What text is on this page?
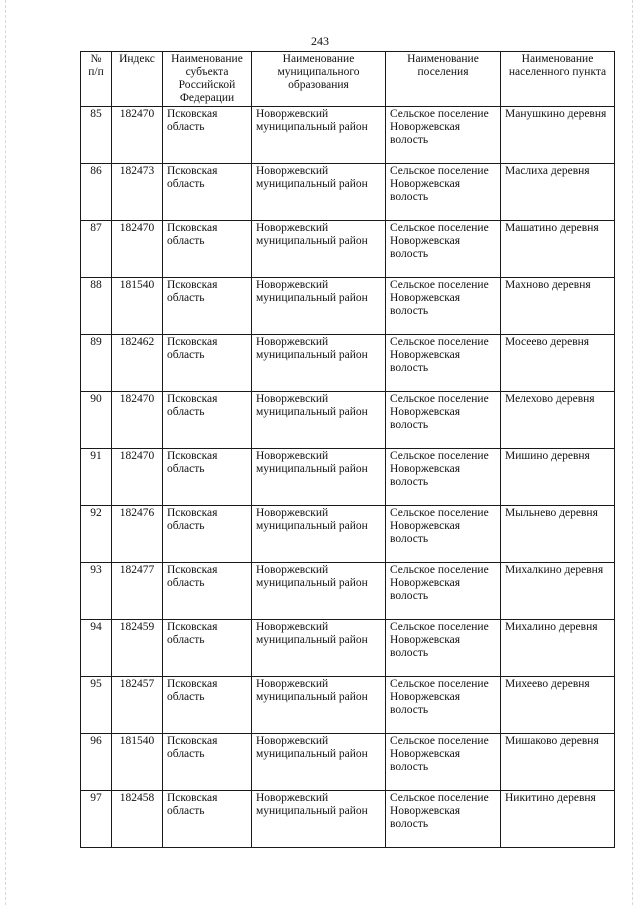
243
№ п/п	Индекс	Наименование субъекта Российской Федерации	Наименование муниципального образования	Наименование поселения	Наименование населенного пункта
85	182470	Псковская область	Новоржевский муниципальный район	Сельское поселение Новоржевская волость	Манушкино деревня
86	182473	Псковская область	Новоржевский муниципальный район	Сельское поселение Новоржевская волость	Маслиха деревня
87	182470	Псковская область	Новоржевский муниципальный район	Сельское поселение Новоржевская волость	Машатино деревня
88	181540	Псковская область	Новоржевский муниципальный район	Сельское поселение Новоржевская волость	Махново деревня
89	182462	Псковская область	Новоржевский муниципальный район	Сельское поселение Новоржевская волость	Мосеево деревня
90	182470	Псковская область	Новоржевский муниципальный район	Сельское поселение Новоржевская волость	Мелехово деревня
91	182470	Псковская область	Новоржевский муниципальный район	Сельское поселение Новоржевская волость	Мишино деревня
92	182476	Псковская область	Новоржевский муниципальный район	Сельское поселение Новоржевская волость	Мыльнево деревня
93	182477	Псковская область	Новоржевский муниципальный район	Сельское поселение Новоржевская волость	Михалкино деревня
94	182459	Псковская область	Новоржевский муниципальный район	Сельское поселение Новоржевская волость	Михалино деревня
95	182457	Псковская область	Новоржевский муниципальный район	Сельское поселение Новоржевская волость	Михеево деревня
96	181540	Псковская область	Новоржевский муниципальный район	Сельское поселение Новоржевская волость	Мишаково деревня
97	182458	Псковская область	Новоржевский муниципальный район	Сельское поселение Новоржевская волость	Никитино деревня
